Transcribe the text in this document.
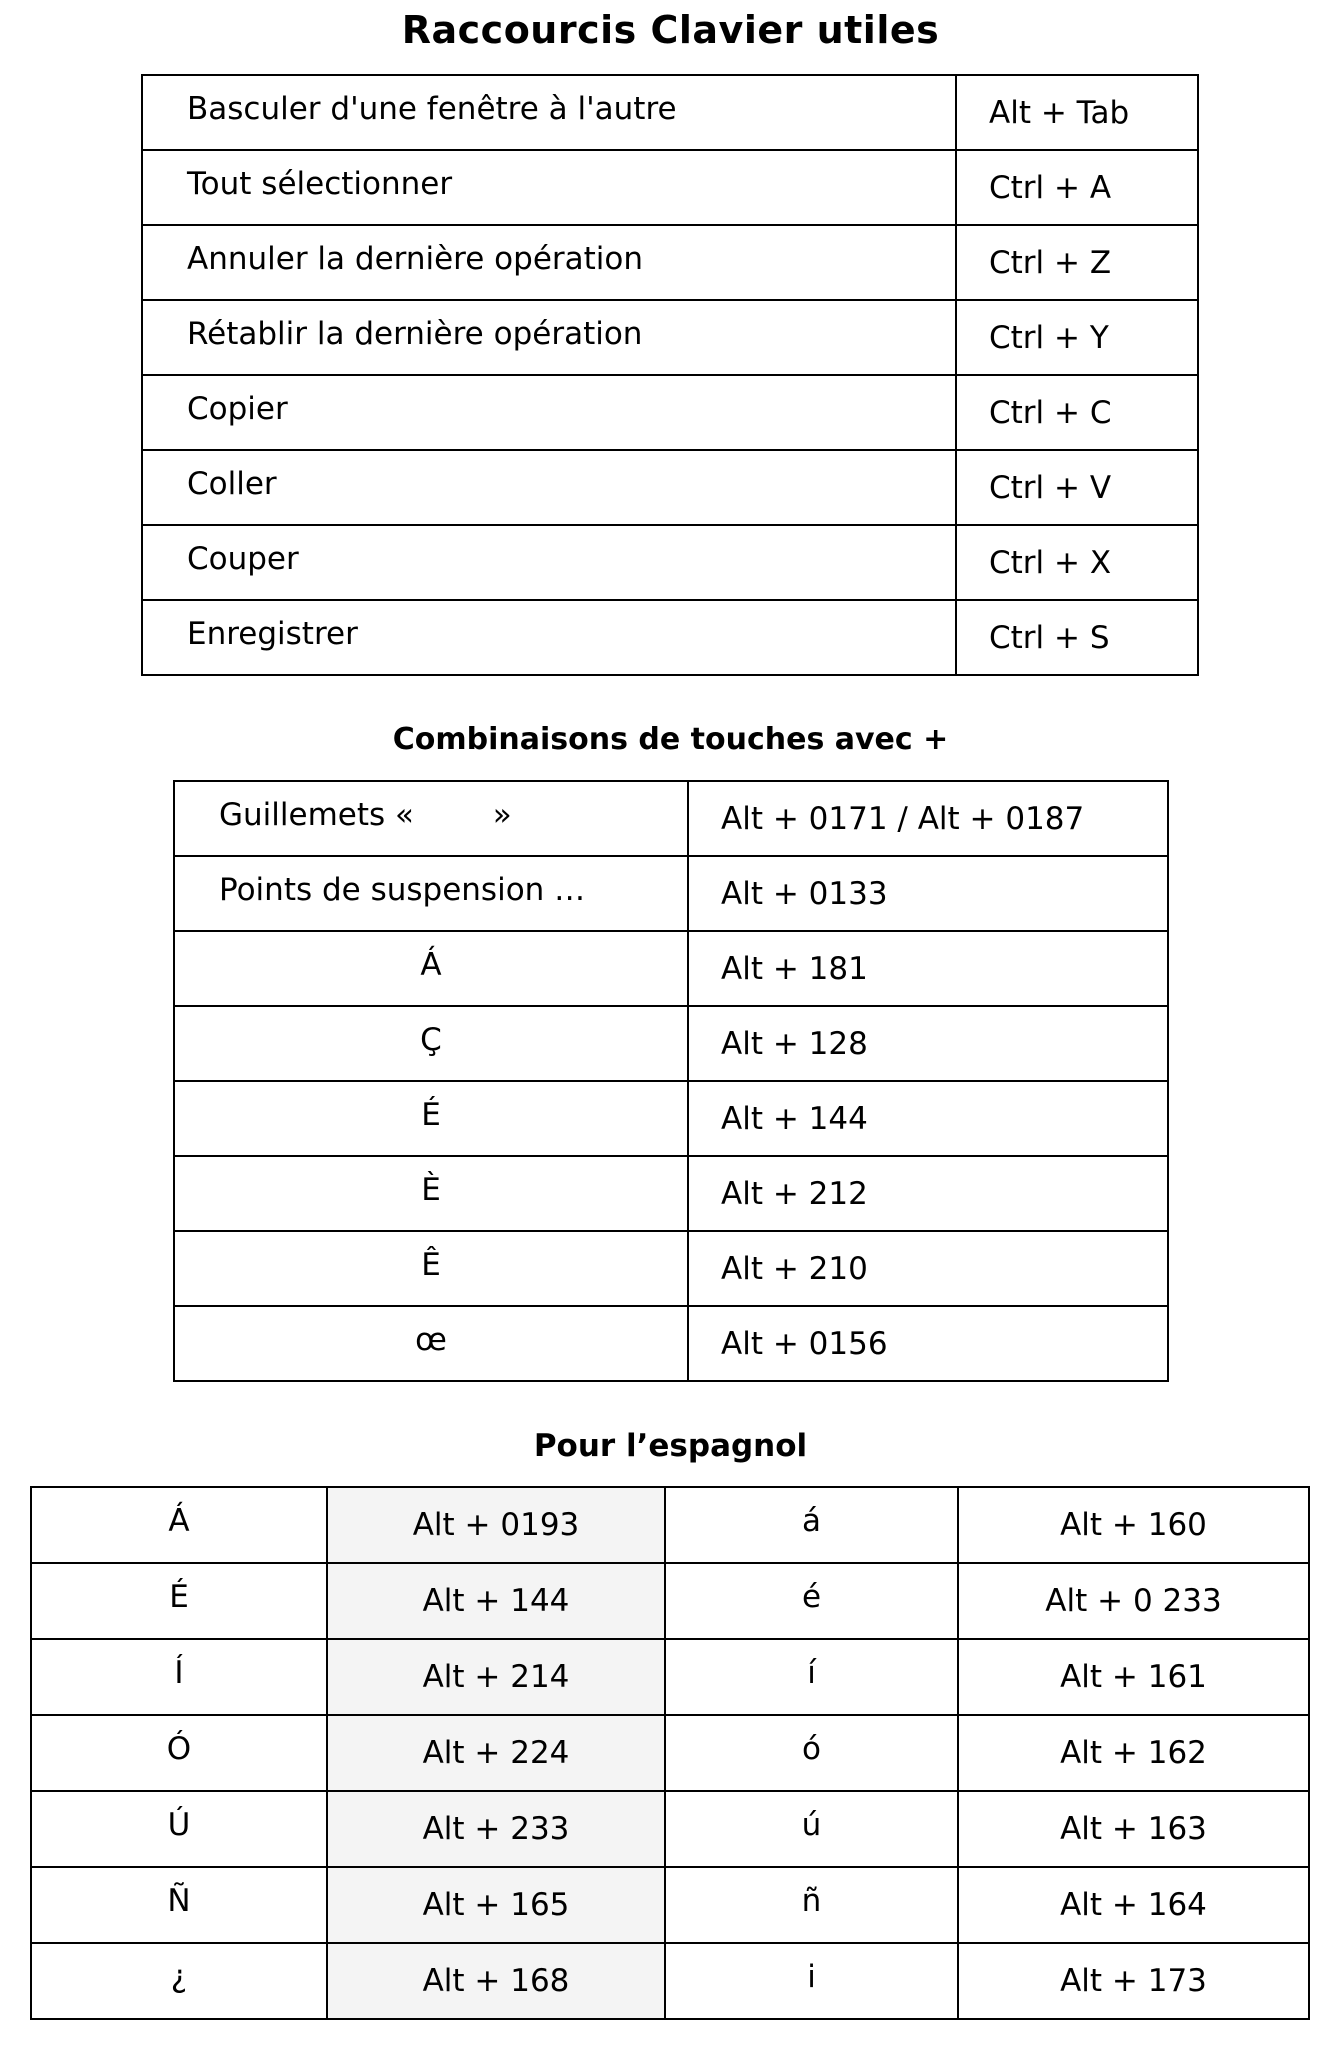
Raccourcis Clavier utiles
Basculer d'une fenêtre à l'autre	Alt + Tab
Tout sélectionner	Ctrl + A
Annuler la dernière opération	Ctrl + Z
Rétablir la dernière opération	Ctrl + Y
Copier	Ctrl + C
Coller	Ctrl + V
Couper	Ctrl + X
Enregistrer	Ctrl + S
Combinaisons de touches avec +
Guillemets «        »	Alt + 0171 / Alt + 0187
Points de suspension …	Alt + 0133
Á	Alt + 181
Ç	Alt + 128
É	Alt + 144
È	Alt + 212
Ê	Alt + 210
œ	Alt + 0156
Pour l’espagnol
Á	Alt + 0193	á	Alt + 160
É	Alt + 144	é	Alt + 0 233
Í	Alt + 214	í	Alt + 161
Ó	Alt + 224	ó	Alt + 162
Ú	Alt + 233	ú	Alt + 163
Ñ	Alt + 165	ñ	Alt + 164
¿	Alt + 168	i	Alt + 173
